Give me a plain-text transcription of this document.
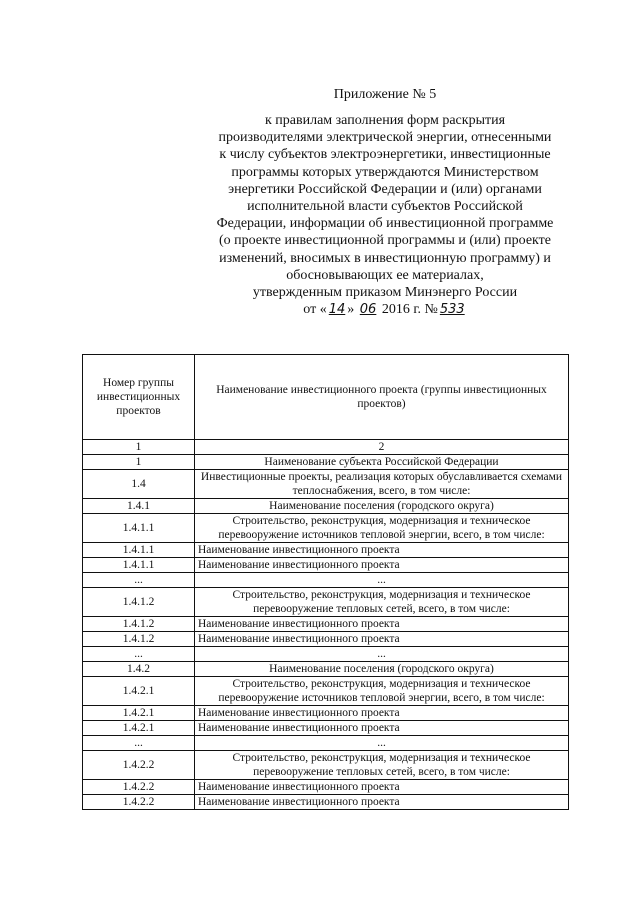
Приложение № 5
к правилам заполнения форм раскрытия
производителями электрической энергии, отнесенными
к числу субъектов электроэнергетики, инвестиционные
программы которых утверждаются Министерством
энергетики Российской Федерации и (или) органами
исполнительной власти субъектов Российской
Федерации, информации об инвестиционной программе
(о проекте инвестиционной программы и (или) проекте
изменений, вносимых в инвестиционную программу) и
обосновывающих ее материалах,
утвержденным приказом Минэнерго России
от « 14 » 06 2016 г. № 533
Номер группы инвестиционных проектов	Наименование инвестиционного проекта (группы инвестиционных проектов)
1	2
1	Наименование субъекта Российской Федерации
1.4	Инвестиционные проекты, реализация которых обуславливается схемами теплоснабжения, всего, в том числе:
1.4.1	Наименование поселения (городского округа)
1.4.1.1	Строительство, реконструкция, модернизация и техническое перевооружение источников тепловой энергии, всего, в том числе:
1.4.1.1	Наименование инвестиционного проекта
1.4.1.1	Наименование инвестиционного проекта
...	...
1.4.1.2	Строительство, реконструкция, модернизация и техническое перевооружение тепловых сетей, всего, в том числе:
1.4.1.2	Наименование инвестиционного проекта
1.4.1.2	Наименование инвестиционного проекта
...	...
1.4.2	Наименование поселения (городского округа)
1.4.2.1	Строительство, реконструкция, модернизация и техническое перевооружение источников тепловой энергии, всего, в том числе:
1.4.2.1	Наименование инвестиционного проекта
1.4.2.1	Наименование инвестиционного проекта
...	...
1.4.2.2	Строительство, реконструкция, модернизация и техническое перевооружение тепловых сетей, всего, в том числе:
1.4.2.2	Наименование инвестиционного проекта
1.4.2.2	Наименование инвестиционного проекта
